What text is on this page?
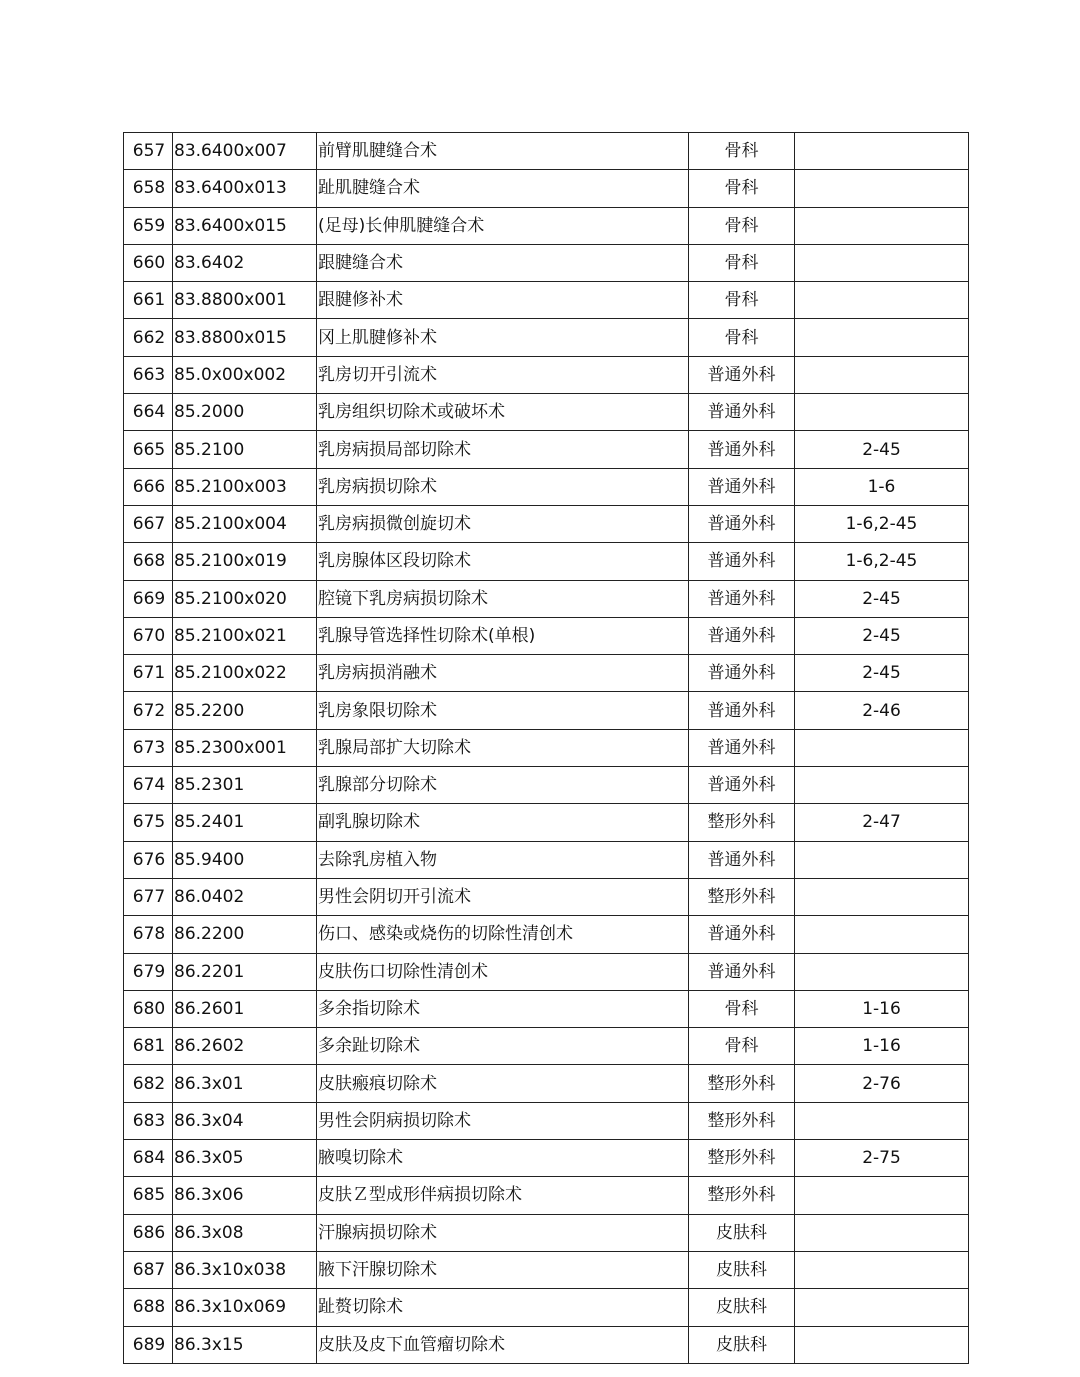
657	83.6400x007	前臂肌腱缝合术	骨科	
658	83.6400x013	趾肌腱缝合术	骨科	
659	83.6400x015	(足母)长伸肌腱缝合术	骨科	
660	83.6402	跟腱缝合术	骨科	
661	83.8800x001	跟腱修补术	骨科	
662	83.8800x015	冈上肌腱修补术	骨科	
663	85.0x00x002	乳房切开引流术	普通外科	
664	85.2000	乳房组织切除术或破坏术	普通外科	
665	85.2100	乳房病损局部切除术	普通外科	2-45
666	85.2100x003	乳房病损切除术	普通外科	1-6
667	85.2100x004	乳房病损微创旋切术	普通外科	1-6,2-45
668	85.2100x019	乳房腺体区段切除术	普通外科	1-6,2-45
669	85.2100x020	腔镜下乳房病损切除术	普通外科	2-45
670	85.2100x021	乳腺导管选择性切除术(单根)	普通外科	2-45
671	85.2100x022	乳房病损消融术	普通外科	2-45
672	85.2200	乳房象限切除术	普通外科	2-46
673	85.2300x001	乳腺局部扩大切除术	普通外科	
674	85.2301	乳腺部分切除术	普通外科	
675	85.2401	副乳腺切除术	整形外科	2-47
676	85.9400	去除乳房植入物	普通外科	
677	86.0402	男性会阴切开引流术	整形外科	
678	86.2200	伤口、感染或烧伤的切除性清创术	普通外科	
679	86.2201	皮肤伤口切除性清创术	普通外科	
680	86.2601	多余指切除术	骨科	1-16
681	86.2602	多余趾切除术	骨科	1-16
682	86.3x01	皮肤瘢痕切除术	整形外科	2-76
683	86.3x04	男性会阴病损切除术	整形外科	
684	86.3x05	腋嗅切除术	整形外科	2-75
685	86.3x06	皮肤Ｚ型成形伴病损切除术	整形外科	
686	86.3x08	汗腺病损切除术	皮肤科	
687	86.3x10x038	腋下汗腺切除术	皮肤科	
688	86.3x10x069	趾赘切除术	皮肤科	
689	86.3x15	皮肤及皮下血管瘤切除术	皮肤科	
